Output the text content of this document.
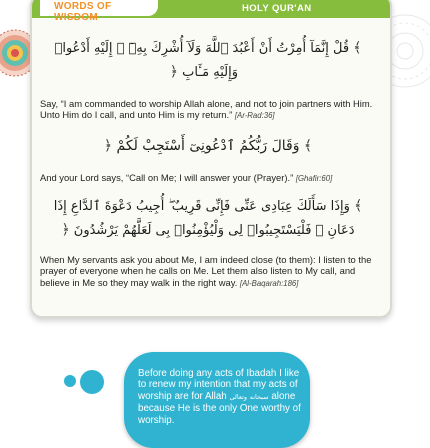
WORDS OF WISDOM
HOLY QUR'AN
﴾ قُلْ إِنَّمَآ أُمِرْتُ أَنْ أَعْبُدَ ٱللَّهَ وَلَآ أُشْرِكَ بِهِۦٓ ۚ إِلَيْهِ أَدْعُوا۟
وَإِلَيْهِ مَـَٔابِ ﴿
Say, “I am commanded to worship Allah alone, and not to join partners with Him. Unto Him do I call, and unto Him is my return.” [Ar-Rad:36]
﴾ وَقَالَ رَبُّكُمُ ٱدْعُونِىٓ أَسْتَجِبْ لَكُمْ ﴿
And your Lord says, “Call on Me; I will answer your (Prayer).” [Ghafir:60]
﴾ وَإِذَا سَأَلَكَ عِبَادِى عَنِّى فَإِنِّى قَرِيبٌ ۖ أُجِيبُ دَعْوَةَ ٱلدَّاعِ إِذَا
دَعَانِ ۖ فَلْيَسْتَجِيبُوا۟ لِى وَلْيُؤْمِنُوا۟ بِى لَعَلَّهُمْ يَرْشُدُونَ ﴿
When My servants ask you about Me, I am indeed close (to them): I listen to the prayer of everyone when he calls on Me. Let them also listen to My call, and believe in Me so they may walk in the right way. [Al-Baqarah:186]
Before doing any acts of Ibadah I like to renew my intention that my acts of worship are for Allah	سبحانه وتعالى alone because He is the only One worthy of worship.
